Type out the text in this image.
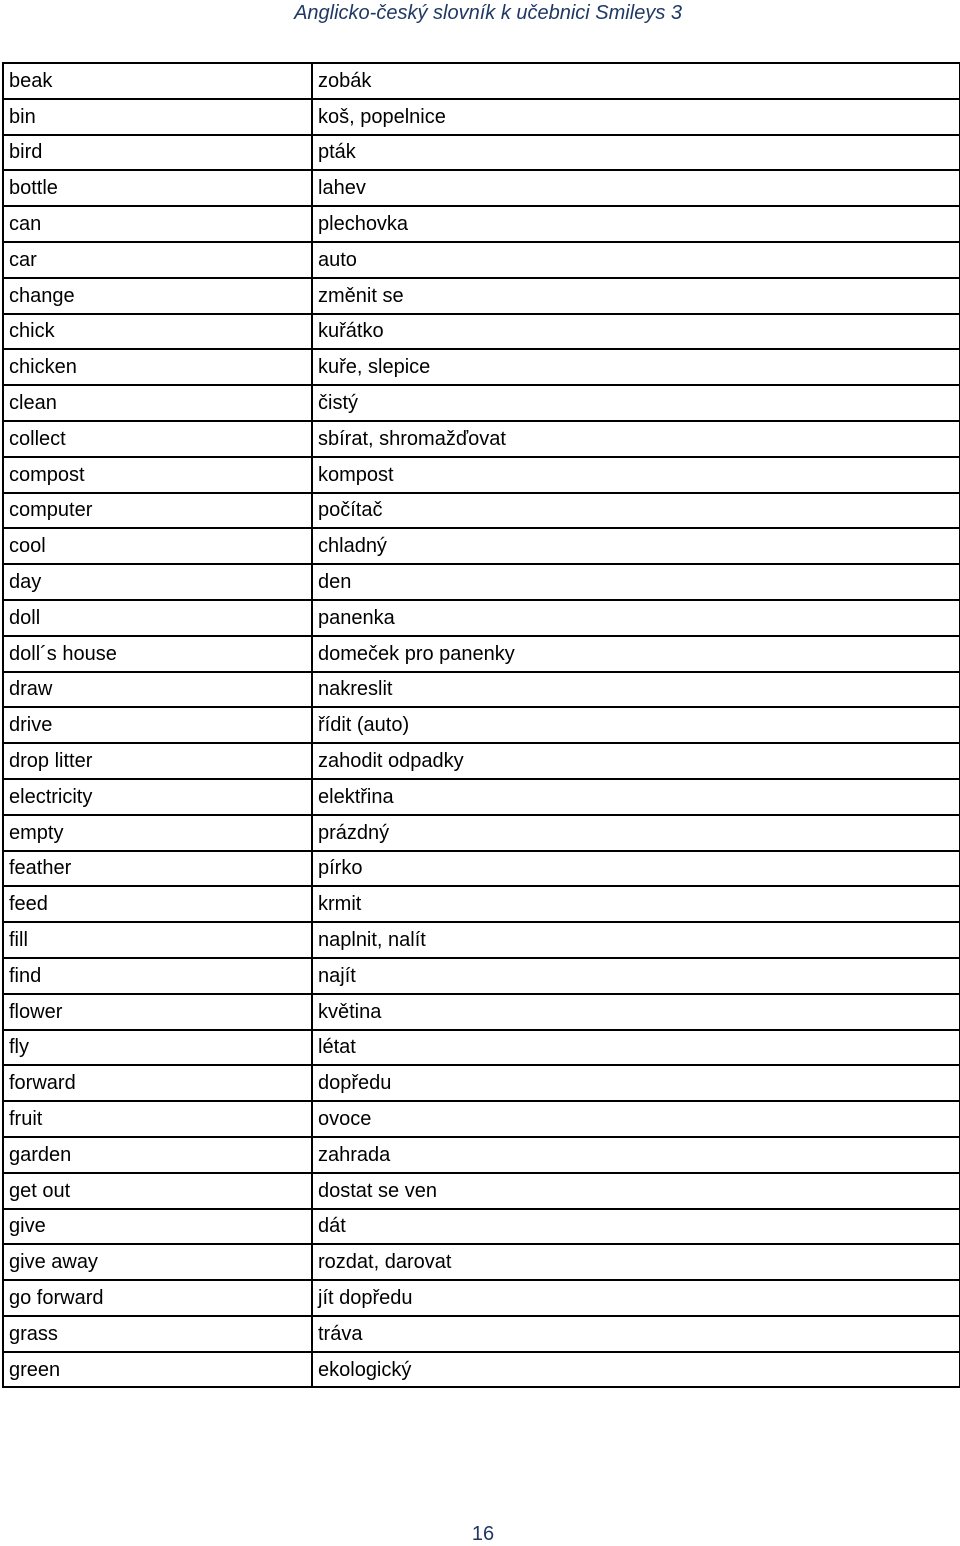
Anglicko-český slovník k učebnici Smileys 3
beak	zobák
bin	koš, popelnice
bird	pták
bottle	lahev
can	plechovka
car	auto
change	změnit se
chick	kuřátko
chicken	kuře, slepice
clean	čistý
collect	sbírat, shromažďovat
compost	kompost
computer	počítač
cool	chladný
day	den
doll	panenka
doll´s house	domeček pro panenky
draw	nakreslit
drive	řídit (auto)
drop litter	zahodit odpadky
electricity	elektřina
empty	prázdný
feather	pírko
feed	krmit
fill	naplnit, nalít
find	najít
flower	květina
fly	létat
forward	dopředu
fruit	ovoce
garden	zahrada
get out	dostat se ven
give	dát
give away	rozdat, darovat
go forward	jít dopředu
grass	tráva
green	ekologický
16
